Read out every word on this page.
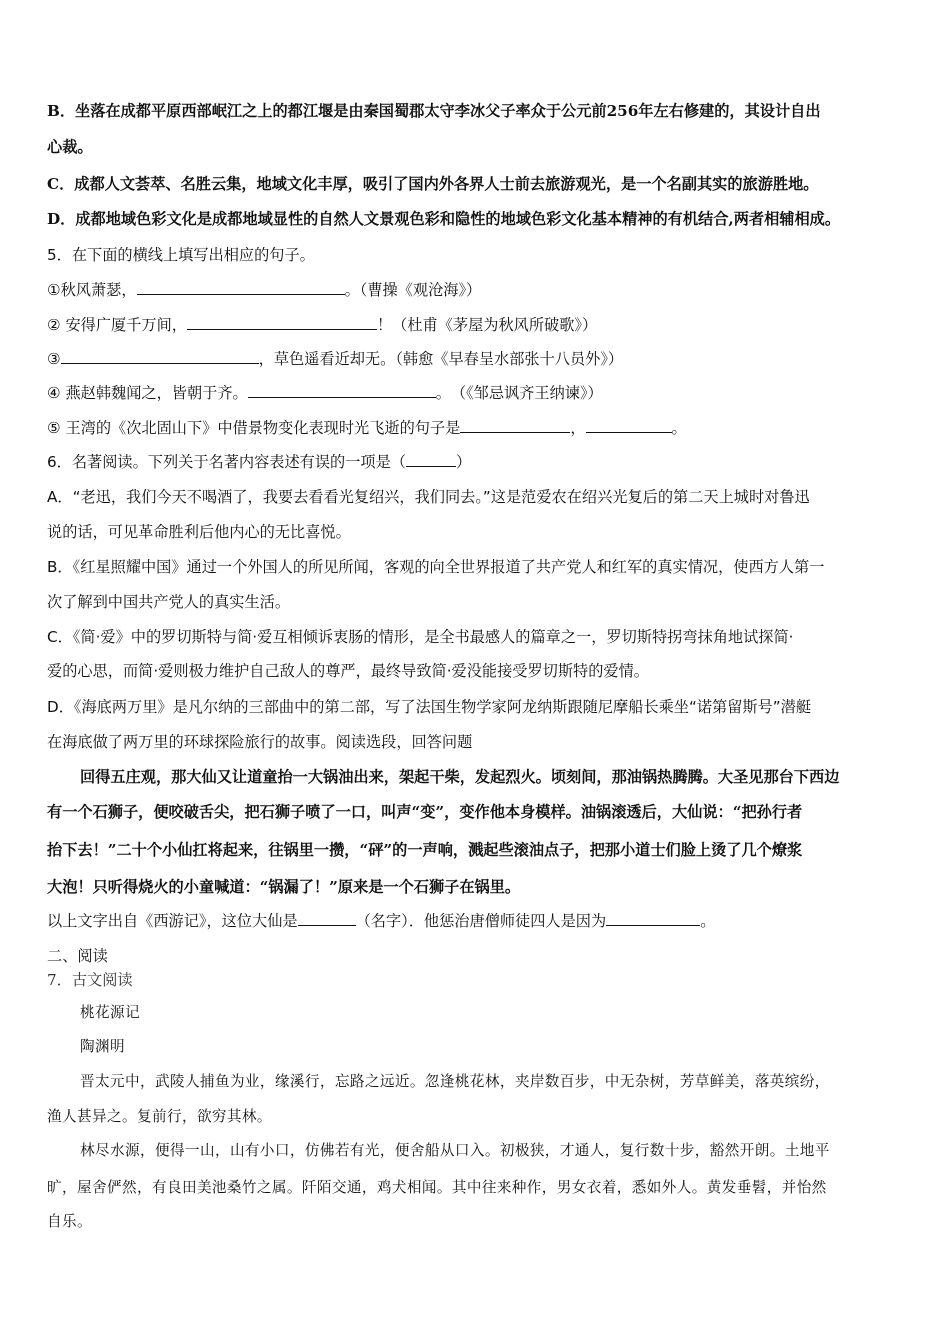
B．坐落在成都平原西部岷江之上的都江堰是由秦国蜀郡太守李冰父子率众于公元前256年左右修建的，其设计自出
心裁。
C．成都人文荟萃、名胜云集，地域文化丰厚，吸引了国内外各界人士前去旅游观光，是一个名副其实的旅游胜地。
D．成都地域色彩文化是成都地域显性的自然人文景观色彩和隐性的地域色彩文化基本精神的有机结合,两者相辅相成。
5．在下面的横线上填写出相应的句子。
①秋风萧瑟，	。（曹操《观沧海》）
② 安得广厦千万间，	！（杜甫《茅屋为秋风所破歌》）
③	，草色遥看近却无。（韩愈《早春呈水部张十八员外》）
④ 燕赵韩魏闻之，皆朝于齐。	。　（《邹忌讽齐王纳谏》）
⑤ 王湾的《次北固山下》中借景物变化表现时光飞逝的句子是	，	。
6．名著阅读。下列关于名著内容表述有误的一项是（	）
A．“老迅，我们今天不喝酒了，我要去看看光复绍兴，我们同去。”这是范爱农在绍兴光复后的第二天上城时对鲁迅
说的话，可见革命胜利后他内心的无比喜悦。
B．《红星照耀中国》通过一个外国人的所见所闻，客观的向全世界报道了共产党人和红军的真实情况，使西方人第一
次了解到中国共产党人的真实生活。
C．《简·爱》中的罗切斯特与简·爱互相倾诉衷肠的情形，是全书最感人的篇章之一，罗切斯特拐弯抹角地试探简·
爱的心思，而简·爱则极力维护自己敌人的尊严，最终导致简·爱没能接受罗切斯特的爱情。
D．《海底两万里》是凡尔纳的三部曲中的第二部，写了法国生物学家阿龙纳斯跟随尼摩船长乘坐“诺第留斯号”潜艇
在海底做了两万里的环球探险旅行的故事。阅读选段，回答问题
回得五庄观，那大仙又让道童抬一大锅油出来，架起干柴，发起烈火。顷刻间，那油锅热腾腾。大圣见那台下西边
有一个石狮子，便咬破舌尖，把石狮子喷了一口，叫声“变”，变作他本身模样。油锅滚透后，大仙说：“把孙行者
抬下去！”二十个小仙扛将起来，往锅里一攒，“砰”的一声响，溅起些滚油点子，把那小道士们脸上烫了几个燎浆
大泡！只听得烧火的小童喊道：“锅漏了！”原来是一个石狮子在锅里。
以上文字出自《西游记》，这位大仙是	（名字）．他惩治唐僧师徒四人是因为	。
二、阅读
7．古文阅读
桃花源记
陶渊明
晋太元中，武陵人捕鱼为业，缘溪行，忘路之远近。忽逢桃花林，夹岸数百步，中无杂树，芳草鲜美，落英缤纷，
渔人甚异之。复前行，欲穷其林。
林尽水源，便得一山，山有小口，仿佛若有光，便舍船从口入。初极狭，才通人，复行数十步，豁然开朗。土地平
旷，屋舍俨然，有良田美池桑竹之属。阡陌交通，鸡犬相闻。其中往来种作，男女衣着，悉如外人。黄发垂髫，并怡然
自乐。
